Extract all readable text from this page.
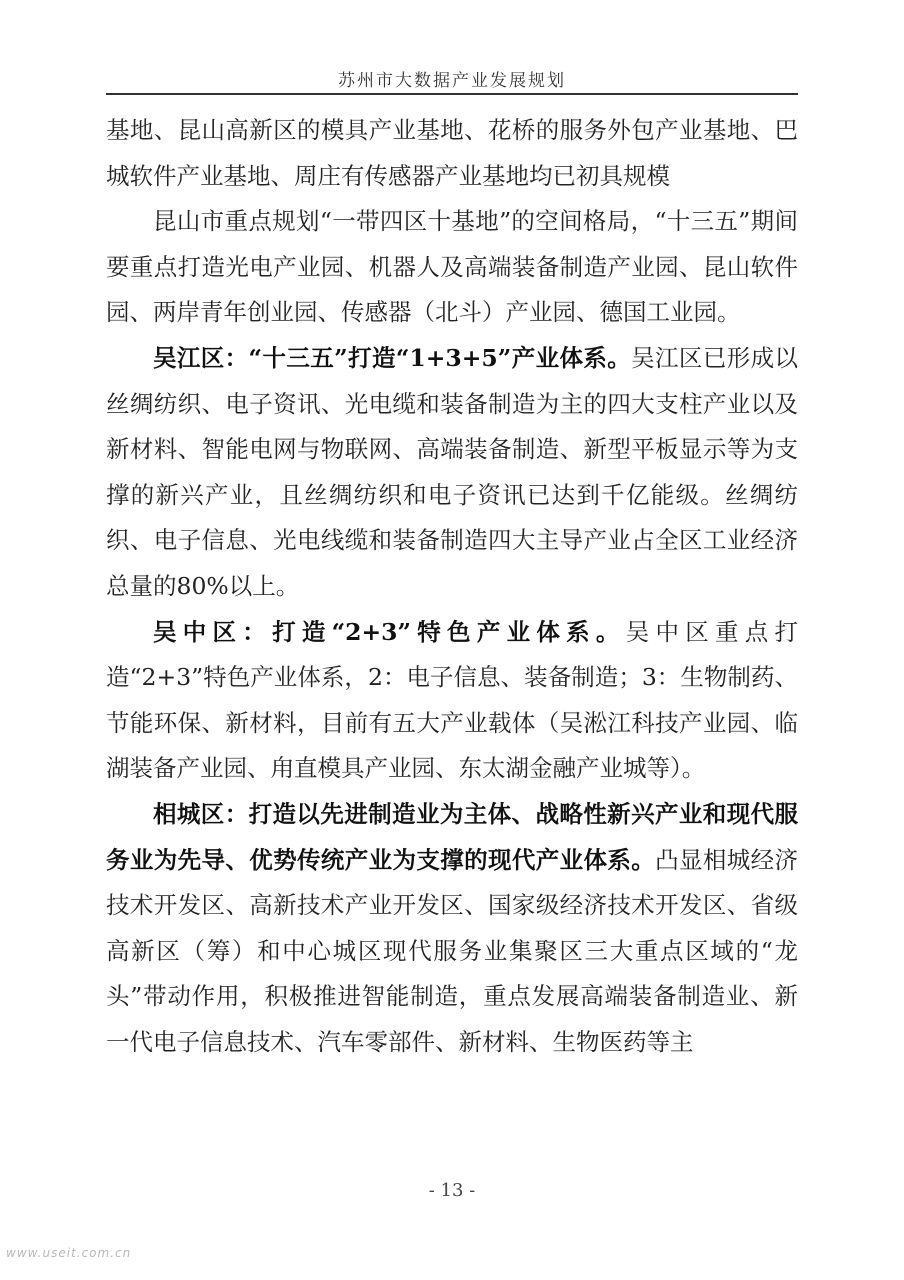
苏州市大数据产业发展规划

基地、昆山高新区的模具产业基地、花桥的服务外包产业基地、巴城软件产业基地、周庄有传感器产业基地均已初具规模

昆山市重点规划“一带四区十基地”的空间格局，“十三五”期间要重点打造光电产业园、机器人及高端装备制造产业园、昆山软件园、两岸青年创业园、传感器（北斗）产业园、德国工业园。

吴江区：“十三五”打造“1+3+5”产业体系。吴江区已形成以丝绸纺织、电子资讯、光电缆和装备制造为主的四大支柱产业以及新材料、智能电网与物联网、高端装备制造、新型平板显示等为支撑的新兴产业，且丝绸纺织和电子资讯已达到千亿能级。丝绸纺织、电子信息、光电线缆和装备制造四大主导产业占全区工业经济总量的80%以上。

吴中区：打造“2+3”特色产业体系。吴中区重点打造“2+3”特色产业体系，2：电子信息、装备制造；3：生物制药、节能环保、新材料，目前有五大产业载体（吴淞江科技产业园、临湖装备产业园、甪直模具产业园、东太湖金融产业城等）。

相城区：打造以先进制造业为主体、战略性新兴产业和现代服务业为先导、优势传统产业为支撑的现代产业体系。凸显相城经济技术开发区、高新技术产业开发区、国家级经济技术开发区、省级高新区（筹）和中心城区现代服务业集聚区三大重点区域的“龙头”带动作用，积极推进智能制造，重点发展高端装备制造业、新一代电子信息技术、汽车零部件、新材料、生物医药等主

- 13 -
www.useit.com.cn
